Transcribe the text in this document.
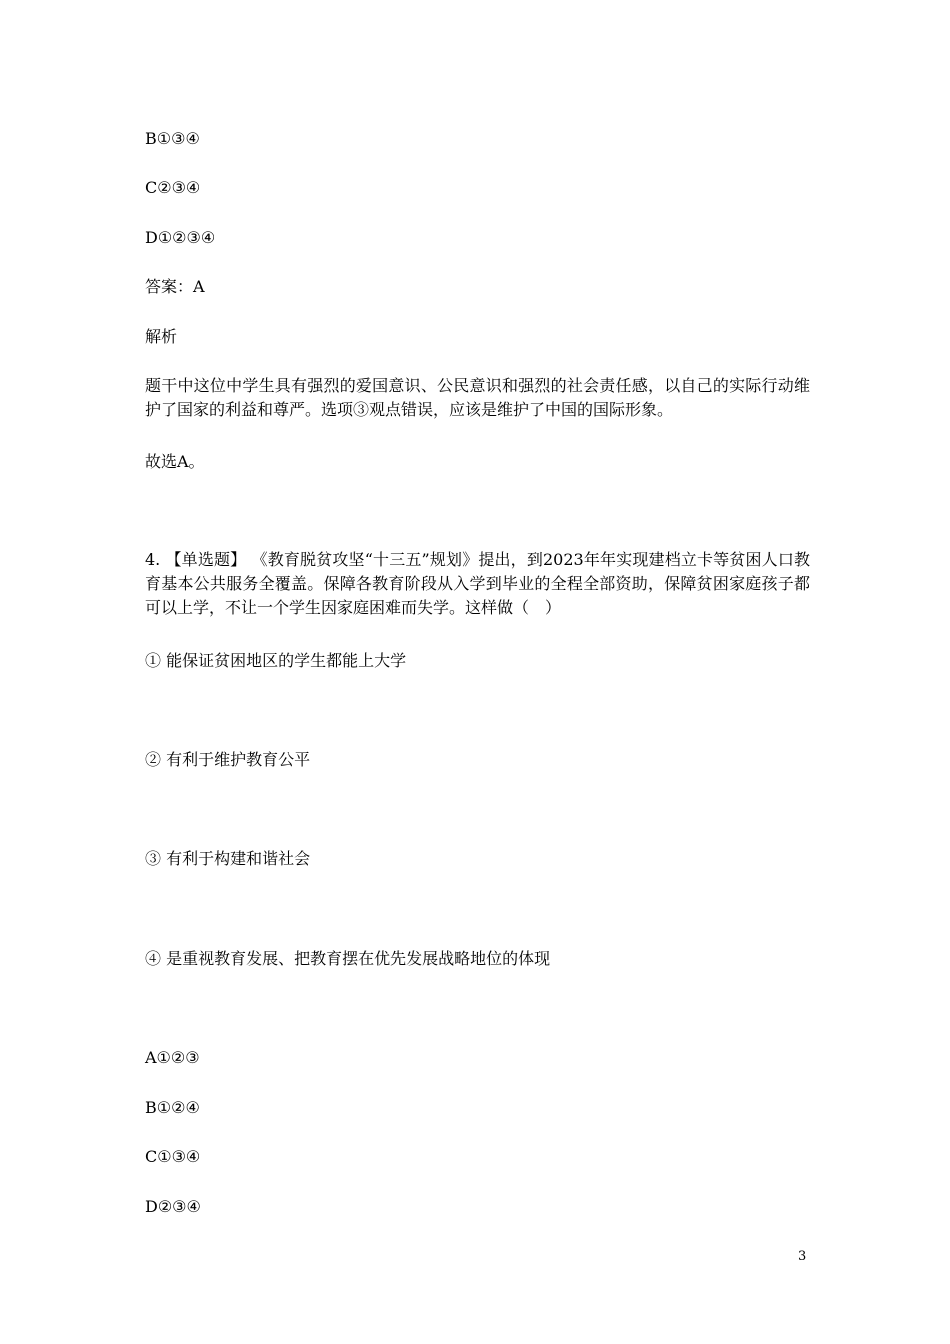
B①③④
C②③④
D①②③④
答案：A
解析
题干中这位中学生具有强烈的爱国意识、公民意识和强烈的社会责任感，以自己的实际行动维护了国家的利益和尊严。选项③观点错误，应该是维护了中国的国际形象。
故选A。
4. 【单选题】 《教育脱贫攻坚“十三五”规划》提出，到2023年年实现建档立卡等贫困人口教育基本公共服务全覆盖。保障各教育阶段从入学到毕业的全程全部资助，保障贫困家庭孩子都可以上学，不让一个学生因家庭困难而失学。这样做（　）
① 能保证贫困地区的学生都能上大学
② 有利于维护教育公平
③ 有利于构建和谐社会
④ 是重视教育发展、把教育摆在优先发展战略地位的体现
A①②③
B①②④
C①③④
D②③④
3
